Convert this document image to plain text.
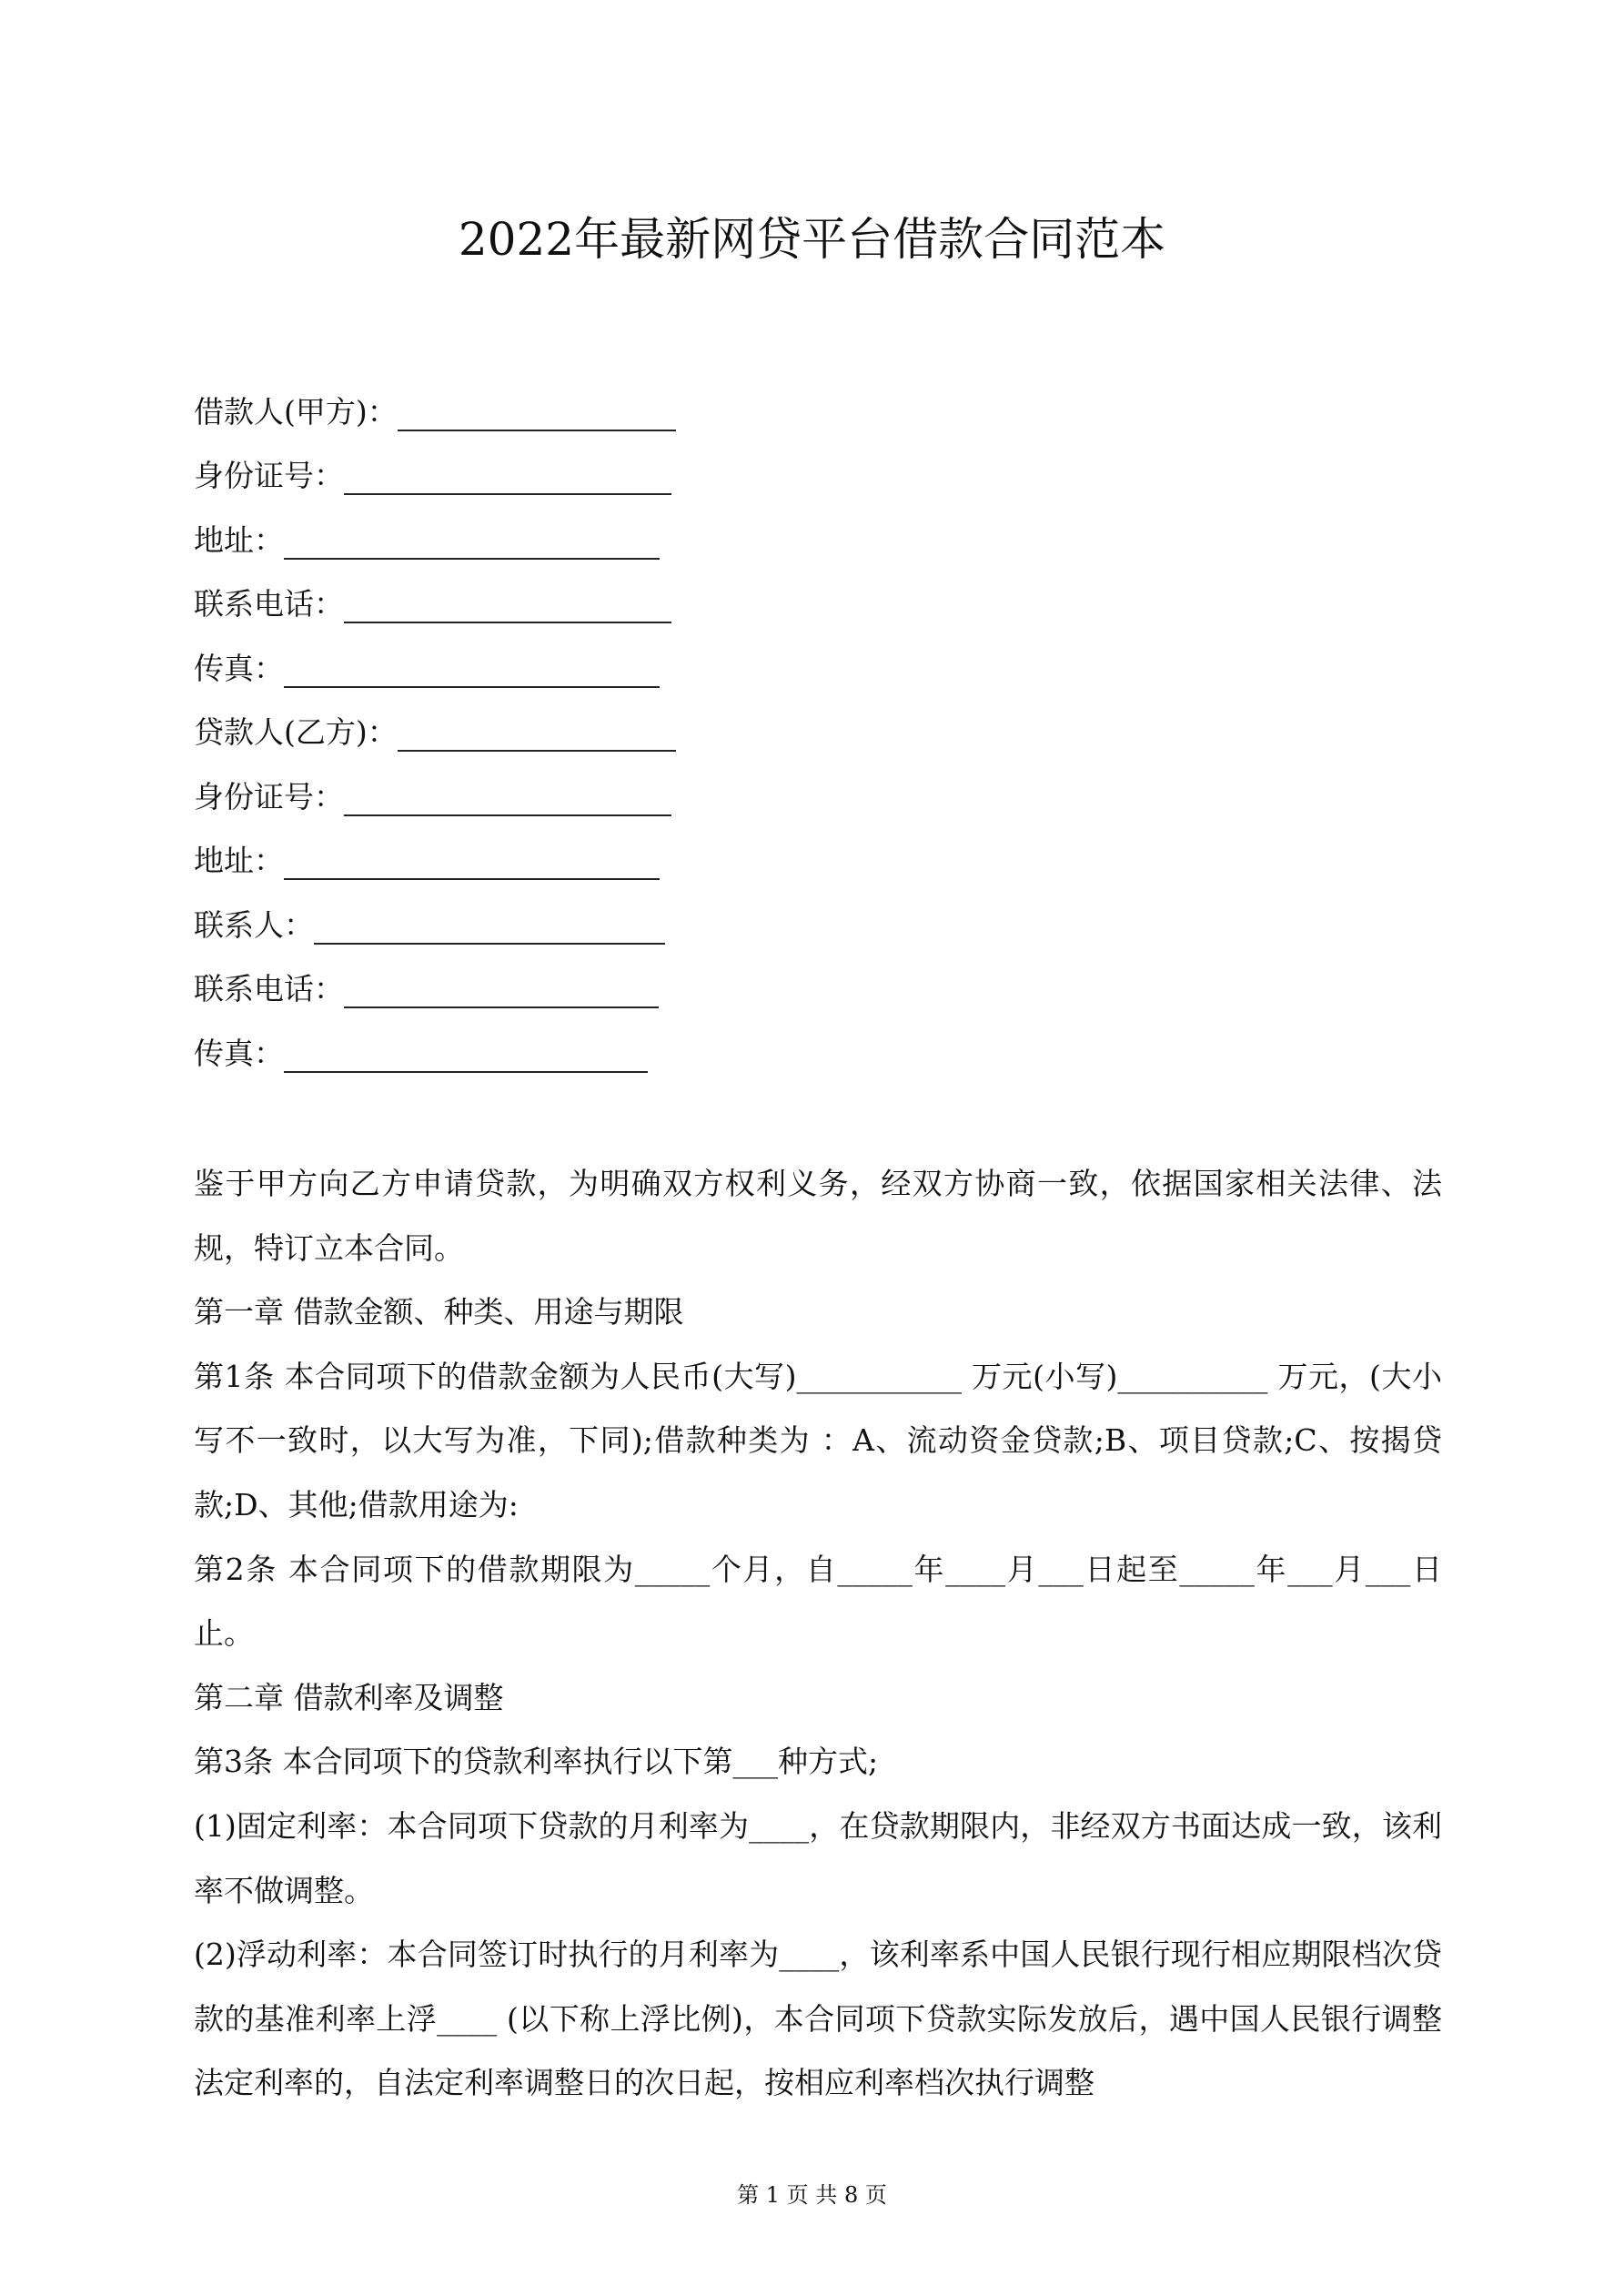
2022年最新网贷平台借款合同范本
借款人(甲方)：
身份证号：
地址：
联系电话：
传真：
贷款人(乙方)：
身份证号：
地址：
联系人：
联系电话：
传真：

鉴于甲方向乙方申请贷款，为明确双方权利义务，经双方协商一致，依据国家相关法律、法规，特订立本合同。

第一章 借款金额、种类、用途与期限

第1条 本合同项下的借款金额为人民币(大写)___________ 万元(小写)__________ 万元，(大小写不一致时，以大写为准，下同);借款种类为 ：A、流动资金贷款;B、项目贷款;C、按揭贷款;D、其他;借款用途为:

第2条 本合同项下的借款期限为_____个月，自_____年____月___日起至_____年___月___日止。

第二章 借款利率及调整

第3条 本合同项下的贷款利率执行以下第___种方式;

(1)固定利率：本合同项下贷款的月利率为____，在贷款期限内，非经双方书面达成一致，该利率不做调整。

(2)浮动利率：本合同签订时执行的月利率为____，该利率系中国人民银行现行相应期限档次贷款的基准利率上浮____ (以下称上浮比例)，本合同项下贷款实际发放后，遇中国人民银行调整法定利率的，自法定利率调整日的次日起，按相应利率档次执行调整

第 1 页 共 8 页
